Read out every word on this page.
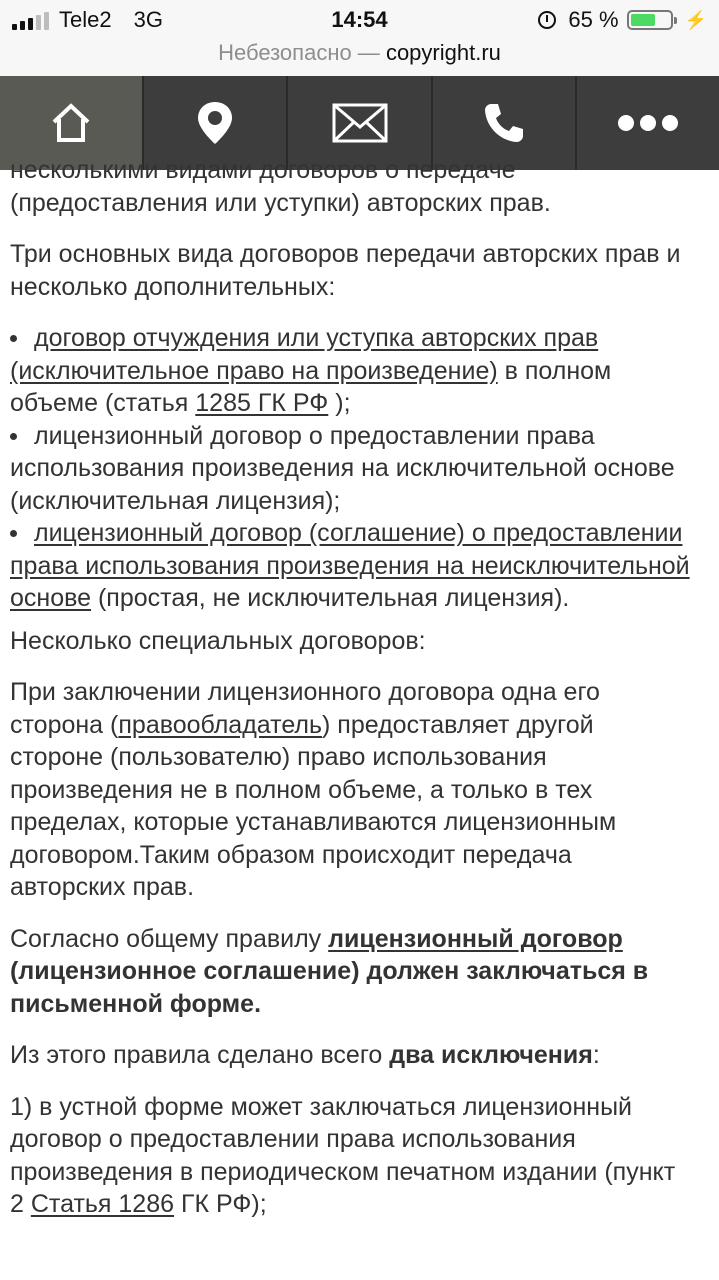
Tele2 3G	14:54	65 %	⚡
Небезопасно — copyright.ru

несколькими видами договоров о передаче
(предоставления или уступки) авторских прав.

Три основных вида договоров передачи авторских прав и несколько дополнительных:

договор отчуждения или уступка авторских прав (исключительное право на произведение) в полном объеме (статья 1285 ГК РФ );

лицензионный договор о предоставлении права использования произведения на исключительной основе (исключительная лицензия);

лицензионный договор (соглашение) о предоставлении права использования произведения на неисключительной основе (простая, не исключительная лицензия).

Несколько специальных договоров:

При заключении лицензионного договора одна его сторона (правообладатель) предоставляет другой стороне (пользователю) право использования произведения не в полном объеме, а только в тех пределах, которые устанавливаются лицензионным договором.Таким образом происходит передача авторских прав.

Согласно общему правилу лицензионный договор (лицензионное соглашение) должен заключаться в письменной форме.

Из этого правила сделано всего два исключения:

1) в устной форме может заключаться лицензионный договор о предоставлении права использования произведения в периодическом печатном издании (пункт 2 Статья 1286 ГК РФ);
